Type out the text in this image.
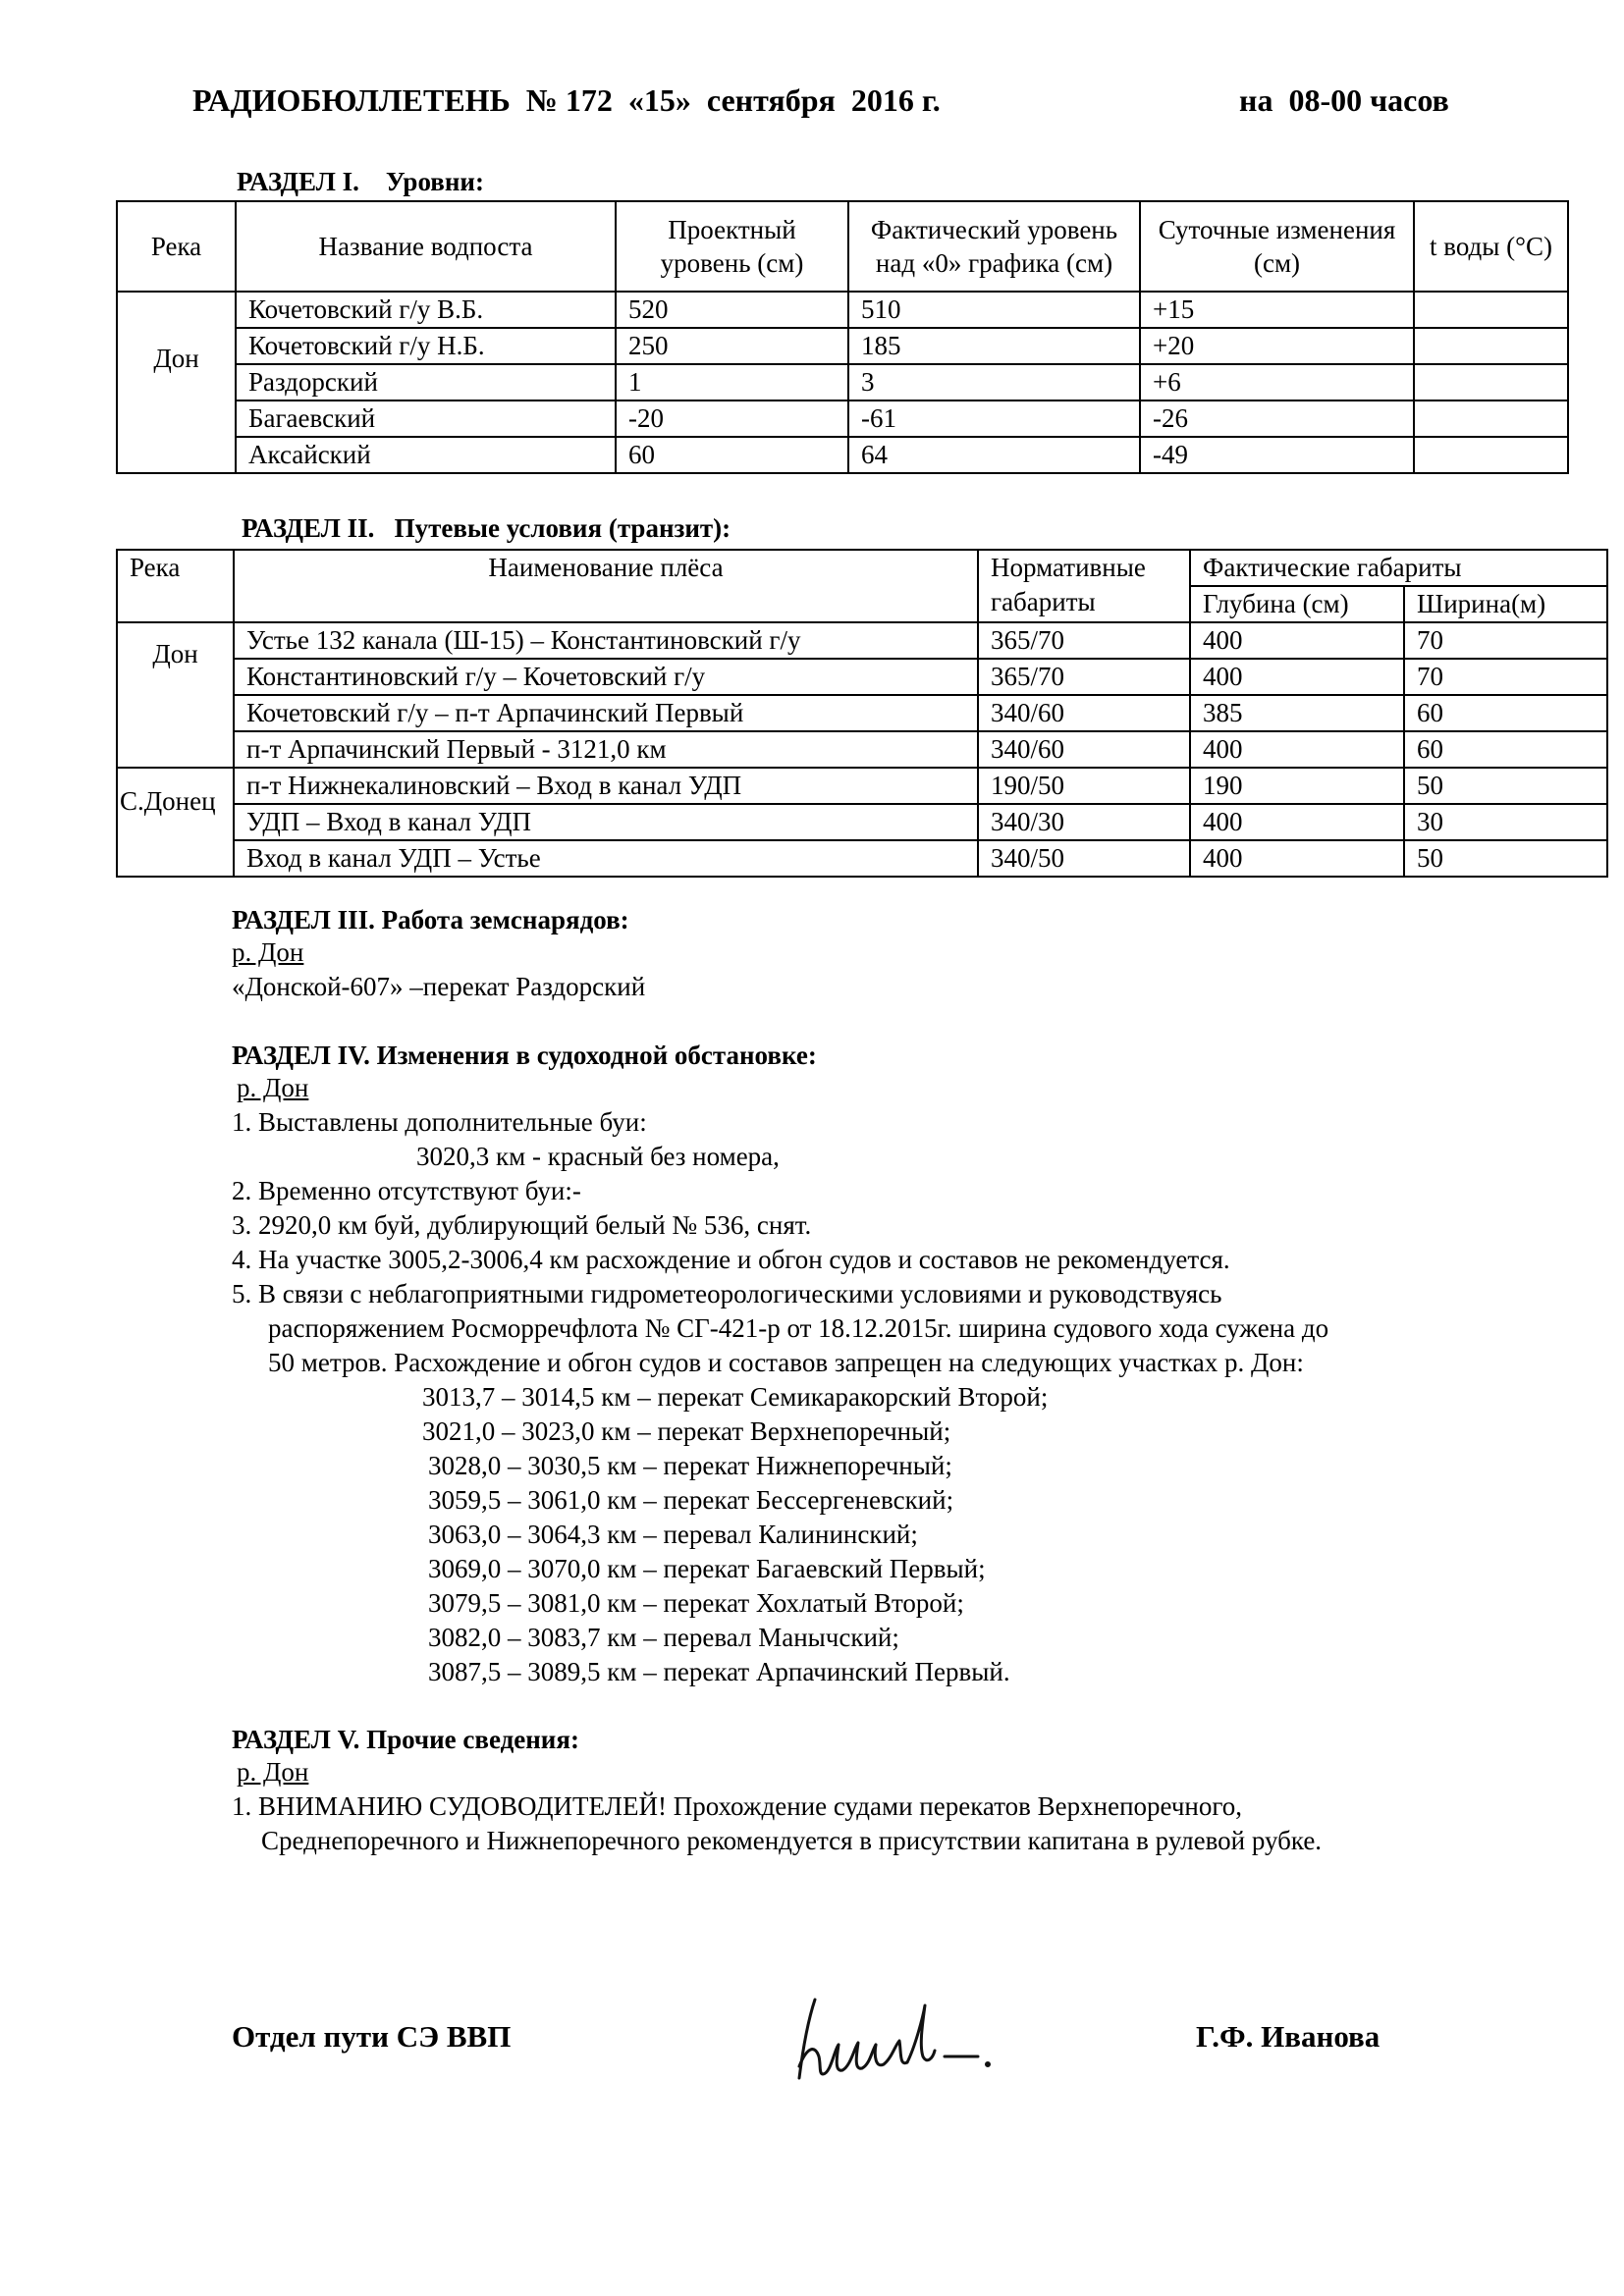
РАДИОБЮЛЛЕТЕНЬ  № 172  «15»  сентября  2016 г.	на  08-00 часов
РАЗДЕЛ I.    Уровни:
Река	Название водпоста	Проектный уровень (см)	Фактический уровень над «0» графика (см)	Суточные изменения (см)	t воды (°С)
Дон	Кочетовский г/у В.Б.	520	510	+15	
	Кочетовский г/у Н.Б.	250	185	+20	
	Раздорский	1	3	+6	
	Багаевский	-20	-61	-26	
	Аксайский	60	64	-49	
РАЗДЕЛ II.   Путевые условия (транзит):
Река	Наименование плёса	Нормативные габариты	Фактические габариты	
			Глубина (см)	Ширина(м)
Дон	Устье 132 канала (Ш-15) – Константиновский г/у	365/70	400	70
	Константиновский г/у – Кочетовский г/у	365/70	400	70
	Кочетовский г/у – п-т Арпачинский Первый	340/60	385	60
	п-т Арпачинский Первый - 3121,0 км	340/60	400	60
С.Донец	п-т Нижнекалиновский – Вход в канал УДП	190/50	190	50
	УДП – Вход в канал УДП	340/30	400	30
	Вход в канал УДП – Устье	340/50	400	50
РАЗДЕЛ III. Работа земснарядов:
р. Дон
«Донской-607» –перекат Раздорский
РАЗДЕЛ IV. Изменения в судоходной обстановке:
р. Дон
1. Выставлены дополнительные буи:
3020,3 км - красный без номера,
2. Временно отсутствуют буи:-
3. 2920,0 км буй, дублирующий белый № 536, снят.
4. На участке 3005,2-3006,4 км расхождение и обгон судов и составов не рекомендуется.
5. В связи с неблагоприятными гидрометеорологическими условиями и руководствуясь
распоряжением Росморречфлота № СГ-421-р от 18.12.2015г. ширина судового хода сужена до
50 метров. Расхождение и обгон судов и составов запрещен на следующих участках р. Дон:
3013,7 – 3014,5 км – перекат Семикаракорский Второй;
3021,0 – 3023,0 км – перекат Верхнепоречный;
3028,0 – 3030,5 км – перекат Нижнепоречный;
3059,5 – 3061,0 км – перекат Бессергеневский;
3063,0 – 3064,3 км – перевал Калининский;
3069,0 – 3070,0 км – перекат Багаевский Первый;
3079,5 – 3081,0 км – перекат Хохлатый Второй;
3082,0 – 3083,7 км – перевал Манычский;
3087,5 – 3089,5 км – перекат Арпачинский Первый.
РАЗДЕЛ V. Прочие сведения:
р. Дон
1. ВНИМАНИЮ СУДОВОДИТЕЛЕЙ! Прохождение судами перекатов Верхнепоречного,
Среднепоречного и Нижнепоречного рекомендуется в присутствии капитана в рулевой рубке.
Отдел пути СЭ ВВП	Г.Ф. Иванова
